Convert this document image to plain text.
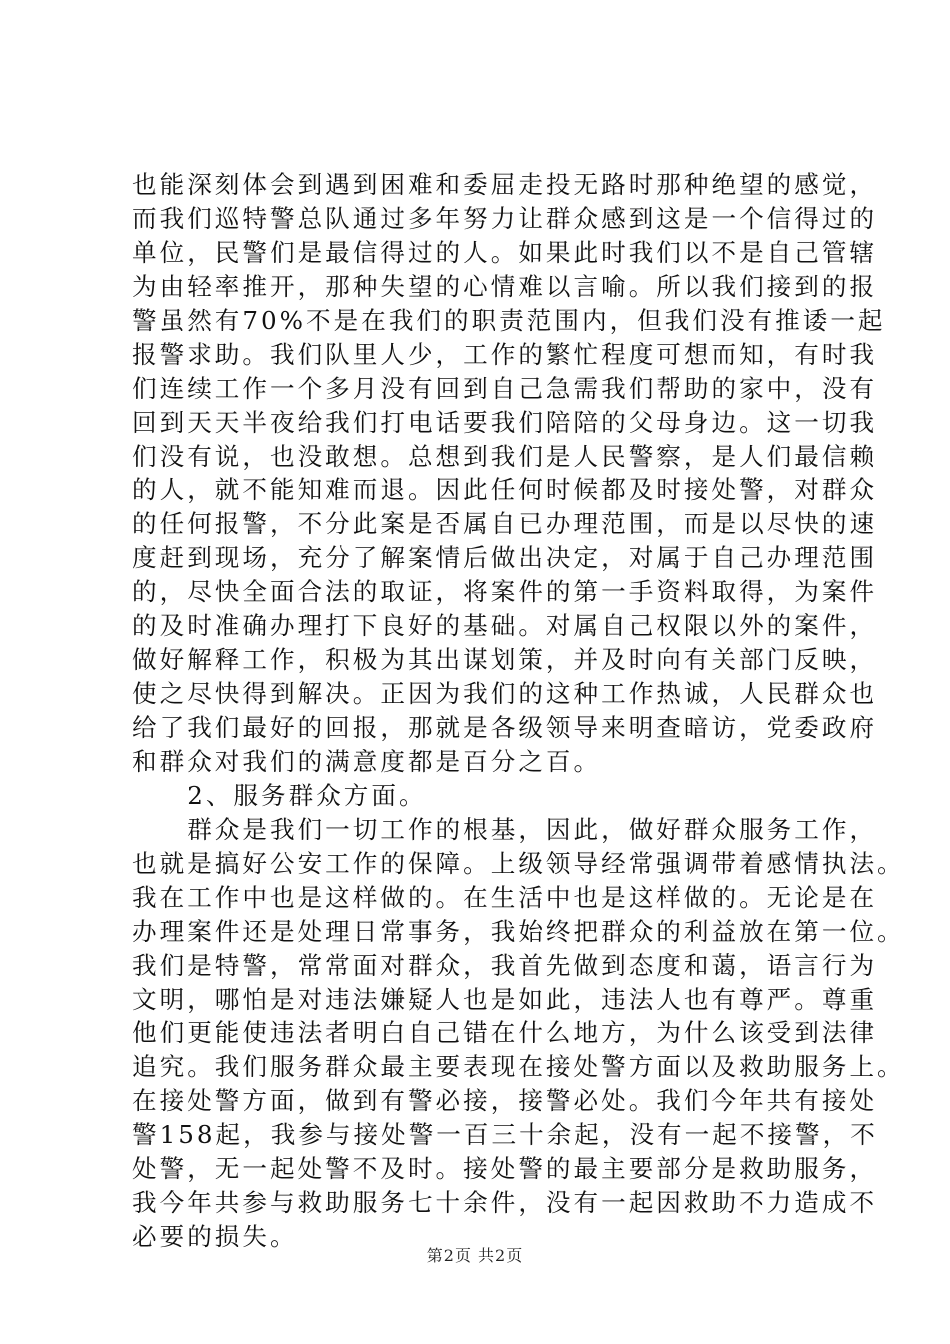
也能深刻体会到遇到困难和委屈走投无路时那种绝望的感觉，
而我们巡特警总队通过多年努力让群众感到这是一个信得过的
单位，民警们是最信得过的人。如果此时我们以不是自己管辖
为由轻率推开，那种失望的心情难以言喻。所以我们接到的报
警虽然有70%不是在我们的职责范围内，但我们没有推诿一起
报警求助。我们队里人少，工作的繁忙程度可想而知，有时我
们连续工作一个多月没有回到自己急需我们帮助的家中，没有
回到天天半夜给我们打电话要我们陪陪的父母身边。这一切我
们没有说，也没敢想。总想到我们是人民警察，是人们最信赖
的人，就不能知难而退。因此任何时候都及时接处警，对群众
的任何报警，不分此案是否属自已办理范围，而是以尽快的速
度赶到现场，充分了解案情后做出决定，对属于自己办理范围
的，尽快全面合法的取证，将案件的第一手资料取得，为案件
的及时准确办理打下良好的基础。对属自己权限以外的案件，
做好解释工作，积极为其出谋划策，并及时向有关部门反映，
使之尽快得到解决。正因为我们的这种工作热诚，人民群众也
给了我们最好的回报，那就是各级领导来明查暗访，党委政府
和群众对我们的满意度都是百分之百。
　　2、服务群众方面。
　　群众是我们一切工作的根基，因此，做好群众服务工作，
也就是搞好公安工作的保障。上级领导经常强调带着感情执法。
我在工作中也是这样做的。在生活中也是这样做的。无论是在
办理案件还是处理日常事务，我始终把群众的利益放在第一位。
我们是特警，常常面对群众，我首先做到态度和蔼，语言行为
文明，哪怕是对违法嫌疑人也是如此，违法人也有尊严。尊重
他们更能使违法者明白自己错在什么地方，为什么该受到法律
追究。我们服务群众最主要表现在接处警方面以及救助服务上。
在接处警方面，做到有警必接，接警必处。我们今年共有接处
警158起，我参与接处警一百三十余起，没有一起不接警，不
处警，无一起处警不及时。接处警的最主要部分是救助服务，
我今年共参与救助服务七十余件，没有一起因救助不力造成不
必要的损失。
第2页 共2页
